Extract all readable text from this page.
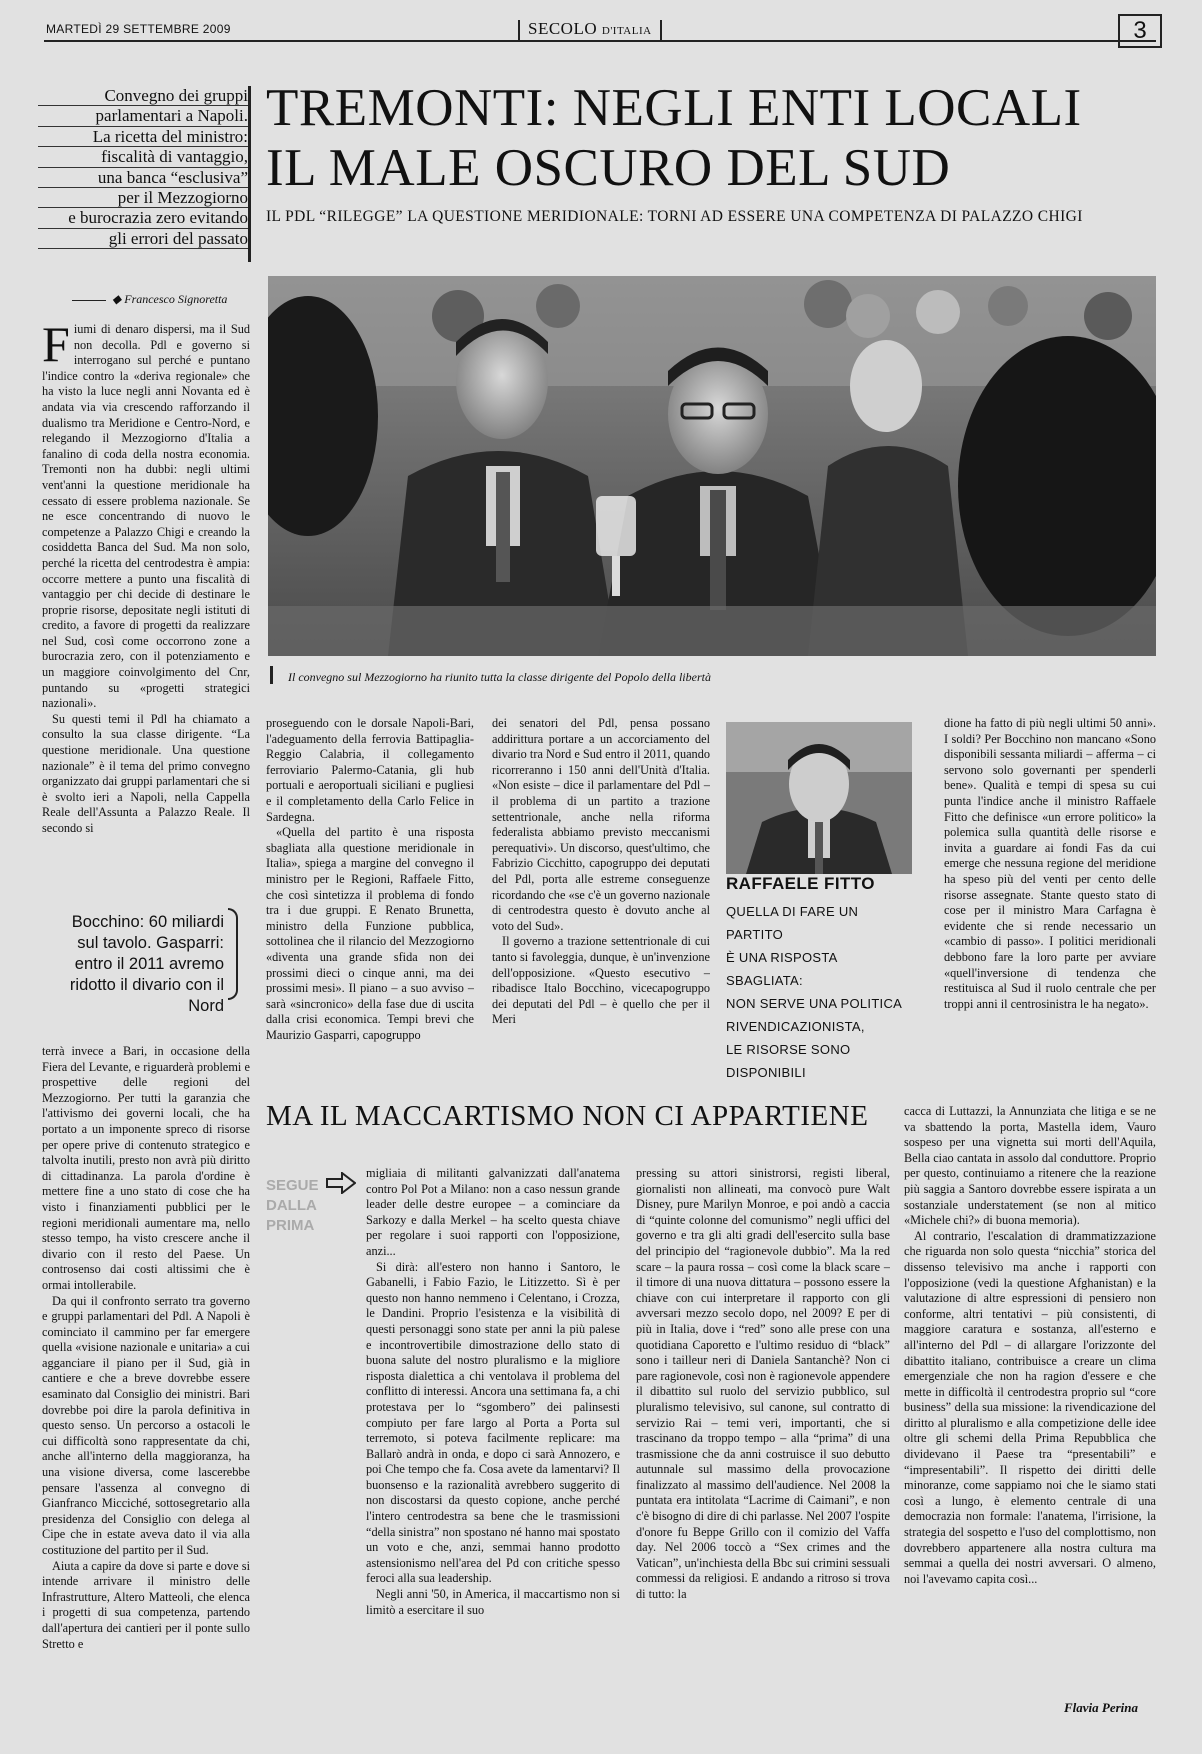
MARTEDÌ 29 SETTEMBRE 2009	SECOLO D'ITALIA	3
Convegno dei gruppi
parlamentari a Napoli.
La ricetta del ministro:
fiscalità di vantaggio,
una banca “esclusiva”
per il Mezzogiorno
e burocrazia zero evitando
gli errori del passato
TREMONTI: NEGLI ENTI LOCALI
IL MALE OSCURO DEL SUD
IL PDL “RILEGGE” LA QUESTIONE MERIDIONALE: TORNI AD ESSERE UNA COMPETENZA DI PALAZZO CHIGI
◆ Francesco Signoretta
Il convegno sul Mezzogiorno ha riunito tutta la classe dirigente del Popolo della libertà

Fiumi di denaro dispersi, ma il Sud non decolla. Pdl e governo si interrogano sul perché e puntano l'indice contro la «deriva regionale» che ha visto la luce negli anni Novanta ed è andata via via crescendo rafforzando il dualismo tra Meridione e Centro-Nord, e relegando il Mezzogiorno d'Italia a fanalino di coda della nostra economia. Tremonti non ha dubbi: negli ultimi vent'anni la questione meridionale ha cessato di essere problema nazionale. Se ne esce concentrando di nuovo le competenze a Palazzo Chigi e creando la cosiddetta Banca del Sud. Ma non solo, perché la ricetta del centrodestra è ampia: occorre mettere a punto una fiscalità di vantaggio per chi decide di destinare le proprie risorse, depositate negli istituti di credito, a favore di progetti da realizzare nel Sud, così come occorrono zone a burocrazia zero, con il potenziamento e un maggiore coinvolgimento del Cnr, puntando su «progetti strategici nazionali».

Su questi temi il Pdl ha chiamato a consulto la sua classe dirigente. “La questione meridionale. Una questione nazionale” è il tema del primo convegno organizzato dai gruppi parlamentari che si è svolto ieri a Napoli, nella Cappella Reale dell'Assunta a Palazzo Reale. Il secondo si

Bocchino: 60 miliardi sul tavolo. Gasparri: entro il 2011 avremo ridotto il divario con il Nord

terrà invece a Bari, in occasione della Fiera del Levante, e riguarderà problemi e prospettive delle regioni del Mezzogiorno. Per tutti la garanzia che l'attivismo dei governi locali, che ha portato a un imponente spreco di risorse per opere prive di contenuto strategico e talvolta inutili, presto non avrà più diritto di cittadinanza. La parola d'ordine è mettere fine a uno stato di cose che ha visto i finanziamenti pubblici per le regioni meridionali aumentare ma, nello stesso tempo, ha visto crescere anche il divario con il resto del Paese. Un controsenso dai costi altissimi che è ormai intollerabile.

Da qui il confronto serrato tra governo e gruppi parlamentari del Pdl. A Napoli è cominciato il cammino per far emergere quella «visione nazionale e unitaria» a cui agganciare il piano per il Sud, già in cantiere e che a breve dovrebbe essere esaminato dal Consiglio dei ministri. Bari dovrebbe poi dire la parola definitiva in questo senso. Un percorso a ostacoli le cui difficoltà sono rappresentate da chi, anche all'interno della maggioranza, ha una visione diversa, come lascerebbe pensare l'assenza al convegno di Gianfranco Micciché, sottosegretario alla presidenza del Consiglio con delega al Cipe che in estate aveva dato il via alla costituzione del partito per il Sud.

Aiuta a capire da dove si parte e dove si intende arrivare il ministro delle Infrastrutture, Altero Matteoli, che elenca i progetti di sua competenza, partendo dall'apertura dei cantieri per il ponte sullo Stretto e

proseguendo con le dorsale Napoli-Bari, l'adeguamento della ferrovia Battipaglia-Reggio Calabria, il collegamento ferroviario Palermo-Catania, gli hub portuali e aeroportuali siciliani e pugliesi e il completamento della Carlo Felice in Sardegna.

«Quella del partito è una risposta sbagliata alla questione meridionale in Italia», spiega a margine del convegno il ministro per le Regioni, Raffaele Fitto, che così sintetizza il problema di fondo tra i due gruppi. E Renato Brunetta, ministro della Funzione pubblica, sottolinea che il rilancio del Mezzogiorno «diventa una grande sfida non dei prossimi dieci o cinque anni, ma dei prossimi mesi». Il piano – a suo avviso – sarà «sincronico» della fase due di uscita dalla crisi economica. Tempi brevi che Maurizio Gasparri, capogruppo

dei senatori del Pdl, pensa possano addirittura portare a un accorciamento del divario tra Nord e Sud entro il 2011, quando ricorreranno i 150 anni dell'Unità d'Italia. «Non esiste – dice il parlamentare del Pdl – il problema di un partito a trazione settentrionale, anche nella riforma federalista abbiamo previsto meccanismi perequativi». Un discorso, quest'ultimo, che Fabrizio Cicchitto, capogruppo dei deputati del Pdl, porta alle estreme conseguenze ricordando che «se c'è un governo nazionale di centrodestra questo è dovuto anche al voto del Sud».

Il governo a trazione settentrionale di cui tanto si favoleggia, dunque, è un'invenzione dell'opposizione. «Questo esecutivo – ribadisce Italo Bocchino, vicecapogruppo dei deputati del Pdl – è quello che per il Meri

RAFFAELE FITTO
QUELLA DI FARE UN PARTITO
È UNA RISPOSTA SBAGLIATA:
NON SERVE UNA POLITICA
RIVENDICAZIONISTA,
LE RISORSE SONO DISPONIBILI

dione ha fatto di più negli ultimi 50 anni». I soldi? Per Bocchino non mancano «Sono disponibili sessanta miliardi – afferma – ci servono solo governanti per spenderli bene». Qualità e tempi di spesa su cui punta l'indice anche il ministro Raffaele Fitto che definisce «un errore politico» la polemica sulla quantità delle risorse e invita a guardare ai fondi Fas da cui emerge che nessuna regione del meridione ha speso più del venti per cento delle risorse assegnate. Stante questo stato di cose per il ministro Mara Carfagna è evidente che si rende necessario un «cambio di passo». I politici meridionali debbono fare la loro parte per avviare «quell'inversione di tendenza che restituisca al Sud il ruolo centrale che per troppi anni il centrosinistra le ha negato».

MA IL MACCARTISMO NON CI APPARTIENE
SEGUE
DALLA
PRIMA

migliaia di militanti galvanizzati dall'anatema contro Pol Pot a Milano: non a caso nessun grande leader delle destre europee – a cominciare da Sarkozy e dalla Merkel – ha scelto questa chiave per regolare i suoi rapporti con l'opposizione, anzi...

Si dirà: all'estero non hanno i Santoro, le Gabanelli, i Fabio Fazio, le Litizzetto. Sì è per questo non hanno nemmeno i Celentano, i Crozza, le Dandini. Proprio l'esistenza e la visibilità di questi personaggi sono state per anni la più palese e incontrovertibile dimostrazione dello stato di buona salute del nostro pluralismo e la migliore risposta dialettica a chi ventolava il problema del conflitto di interessi. Ancora una settimana fa, a chi protestava per lo “sgombero” dei palinsesti compiuto per fare largo al Porta a Porta sul terremoto, si poteva facilmente replicare: ma Ballarò andrà in onda, e dopo ci sarà Annozero, e poi Che tempo che fa. Cosa avete da lamentarvi? Il buonsenso e la razionalità avrebbero suggerito di non discostarsi da questo copione, anche perché l'intero centrodestra sa bene che le trasmissioni “della sinistra” non spostano né hanno mai spostato un voto e che, anzi, semmai hanno prodotto astensionismo nell'area del Pd con critiche spesso feroci alla sua leadership.

Negli anni '50, in America, il maccartismo non si limitò a esercitare il suo

pressing su attori sinistrorsi, registi liberal, giornalisti non allineati, ma convocò pure Walt Disney, pure Marilyn Monroe, e poi andò a caccia di “quinte colonne del comunismo” negli uffici del governo e tra gli alti gradi dell'esercito sulla base del principio del “ragionevole dubbio”. Ma la red scare – la paura rossa – così come la black scare – il timore di una nuova dittatura – possono essere la chiave con cui interpretare il rapporto con gli avversari mezzo secolo dopo, nel 2009? E per di più in Italia, dove i “red” sono alle prese con una quotidiana Caporetto e l'ultimo residuo di “black” sono i tailleur neri di Daniela Santanchè? Non ci pare ragionevole, così non è ragionevole appendere il dibattito sul ruolo del servizio pubblico, sul pluralismo televisivo, sul canone, sul contratto di servizio Rai – temi veri, importanti, che si trascinano da troppo tempo – alla “prima” di una trasmissione che da anni costruisce il suo debutto autunnale sul massimo della provocazione finalizzato al massimo dell'audience. Nel 2008 la puntata era intitolata “Lacrime di Caimani”, e non c'è bisogno di dire di chi parlasse. Nel 2007 l'ospite d'onore fu Beppe Grillo con il comizio del Vaffa day. Nel 2006 toccò a “Sex crimes and the Vatican”, un'inchiesta della Bbc sui crimini sessuali commessi da religiosi. E andando a ritroso si trova di tutto: la

cacca di Luttazzi, la Annunziata che litiga e se ne va sbattendo la porta, Mastella idem, Vauro sospeso per una vignetta sui morti dell'Aquila, Bella ciao cantata in assolo dal conduttore. Proprio per questo, continuiamo a ritenere che la reazione più saggia a Santoro dovrebbe essere ispirata a un sostanziale understatement (se non al mitico «Michele chi?» di buona memoria).

Al contrario, l'escalation di drammatizzazione che riguarda non solo questa “nicchia” storica del dissenso televisivo ma anche i rapporti con l'opposizione (vedi la questione Afghanistan) e la valutazione di altre espressioni di pensiero non conforme, altri tentativi – più consistenti, di maggiore caratura e sostanza, all'esterno e all'interno del Pdl – di allargare l'orizzonte del dibattito italiano, contribuisce a creare un clima emergenziale che non ha ragion d'essere e che mette in difficoltà il centrodestra proprio sul “core business” della sua missione: la rivendicazione del diritto al pluralismo e alla competizione delle idee oltre gli schemi della Prima Repubblica che dividevano il Paese tra “presentabili” e “impresentabili”. Il rispetto dei diritti delle minoranze, come sappiamo noi che le siamo stati così a lungo, è elemento centrale di una democrazia non formale: l'anatema, l'irrisione, la strategia del sospetto e l'uso del complottismo, non dovrebbero appartenere alla nostra cultura ma semmai a quella dei nostri avversari. O almeno, noi l'avevamo capita così...

Flavia Perina
